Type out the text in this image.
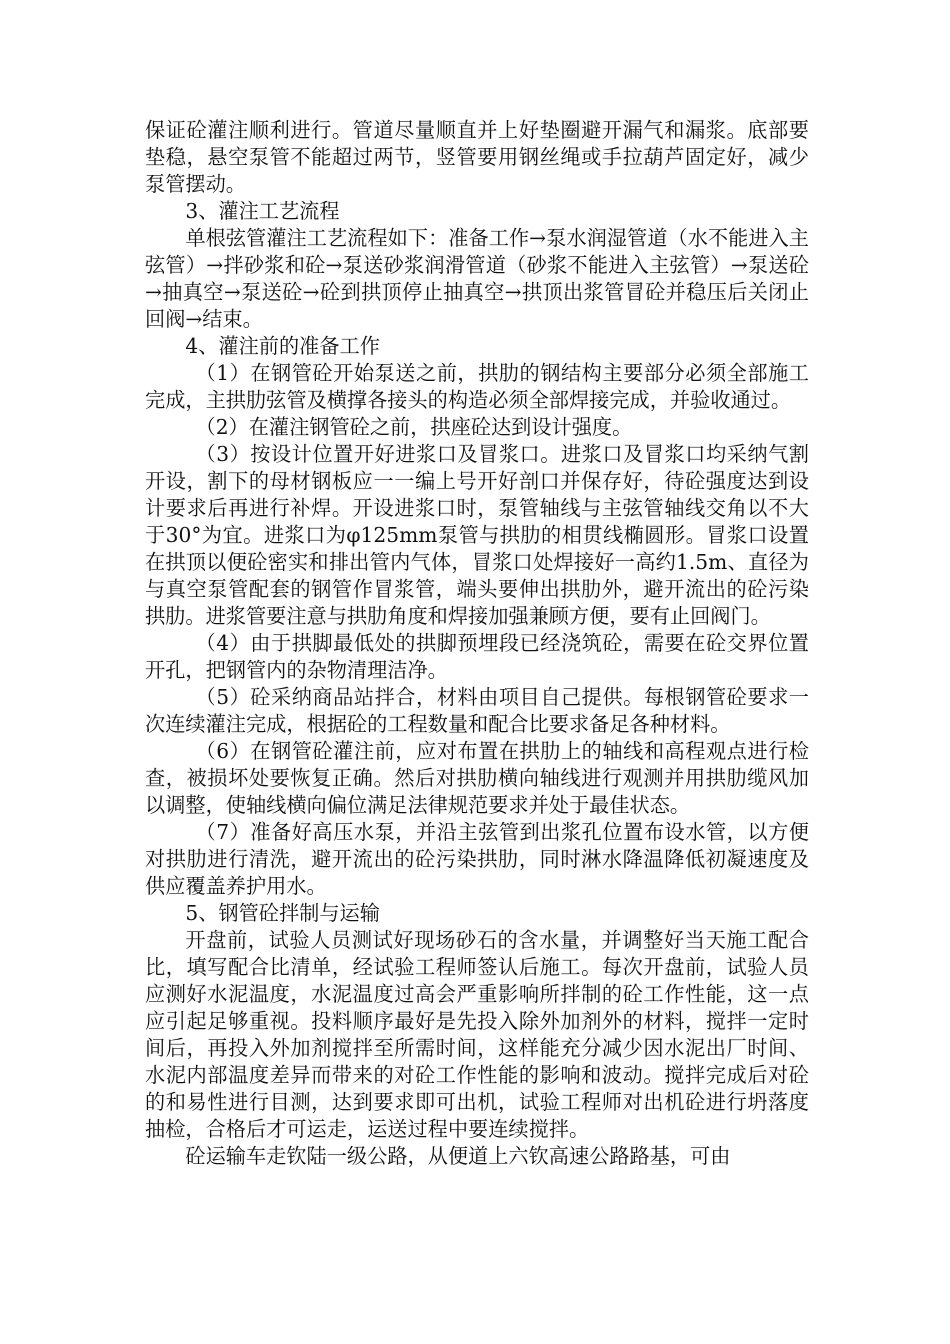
保证砼灌注顺利进行。管道尽量顺直并上好垫圈避开漏气和漏浆。底部要垫稳，悬空泵管不能超过两节，竖管要用钢丝绳或手拉葫芦固定好，减少泵管摆动。

3、灌注工艺流程

单根弦管灌注工艺流程如下：准备工作→泵水润湿管道（水不能进入主弦管）→拌砂浆和砼→泵送砂浆润滑管道（砂浆不能进入主弦管）→泵送砼→抽真空→泵送砼→砼到拱顶停止抽真空→拱顶出浆管冒砼并稳压后关闭止回阀→结束。

4、灌注前的准备工作

（1）在钢管砼开始泵送之前，拱肋的钢结构主要部分必须全部施工完成，主拱肋弦管及横撑各接头的构造必须全部焊接完成，并验收通过。

（2）在灌注钢管砼之前，拱座砼达到设计强度。

（3）按设计位置开好进浆口及冒浆口。进浆口及冒浆口均采纳气割开设，割下的母材钢板应一一编上号开好剖口并保存好，待砼强度达到设计要求后再进行补焊。开设进浆口时，泵管轴线与主弦管轴线交角以不大于30°为宜。进浆口为φ125mm泵管与拱肋的相贯线椭圆形。冒浆口设置在拱顶以便砼密实和排出管内气体，冒浆口处焊接好一高约1.5m、直径为与真空泵管配套的钢管作冒浆管，端头要伸出拱肋外，避开流出的砼污染拱肋。进浆管要注意与拱肋角度和焊接加强兼顾方便，要有止回阀门。

（4）由于拱脚最低处的拱脚预埋段已经浇筑砼，需要在砼交界位置开孔，把钢管内的杂物清理洁净。

（5）砼采纳商品站拌合，材料由项目自己提供。每根钢管砼要求一次连续灌注完成，根据砼的工程数量和配合比要求备足各种材料。

（6）在钢管砼灌注前，应对布置在拱肋上的轴线和高程观点进行检查，被损坏处要恢复正确。然后对拱肋横向轴线进行观测并用拱肋缆风加以调整，使轴线横向偏位满足法律规范要求并处于最佳状态。

（7）准备好高压水泵，并沿主弦管到出浆孔位置布设水管，以方便对拱肋进行清洗，避开流出的砼污染拱肋，同时淋水降温降低初凝速度及供应覆盖养护用水。

5、钢管砼拌制与运输

开盘前，试验人员测试好现场砂石的含水量，并调整好当天施工配合比，填写配合比清单，经试验工程师签认后施工。每次开盘前，试验人员应测好水泥温度，水泥温度过高会严重影响所拌制的砼工作性能，这一点应引起足够重视。投料顺序最好是先投入除外加剂外的材料，搅拌一定时间后，再投入外加剂搅拌至所需时间，这样能充分减少因水泥出厂时间、水泥内部温度差异而带来的对砼工作性能的影响和波动。搅拌完成后对砼的和易性进行目测，达到要求即可出机，试验工程师对出机砼进行坍落度抽检，合格后才可运走，运送过程中要连续搅拌。

砼运输车走钦陆一级公路，从便道上六钦高速公路路基，可由
